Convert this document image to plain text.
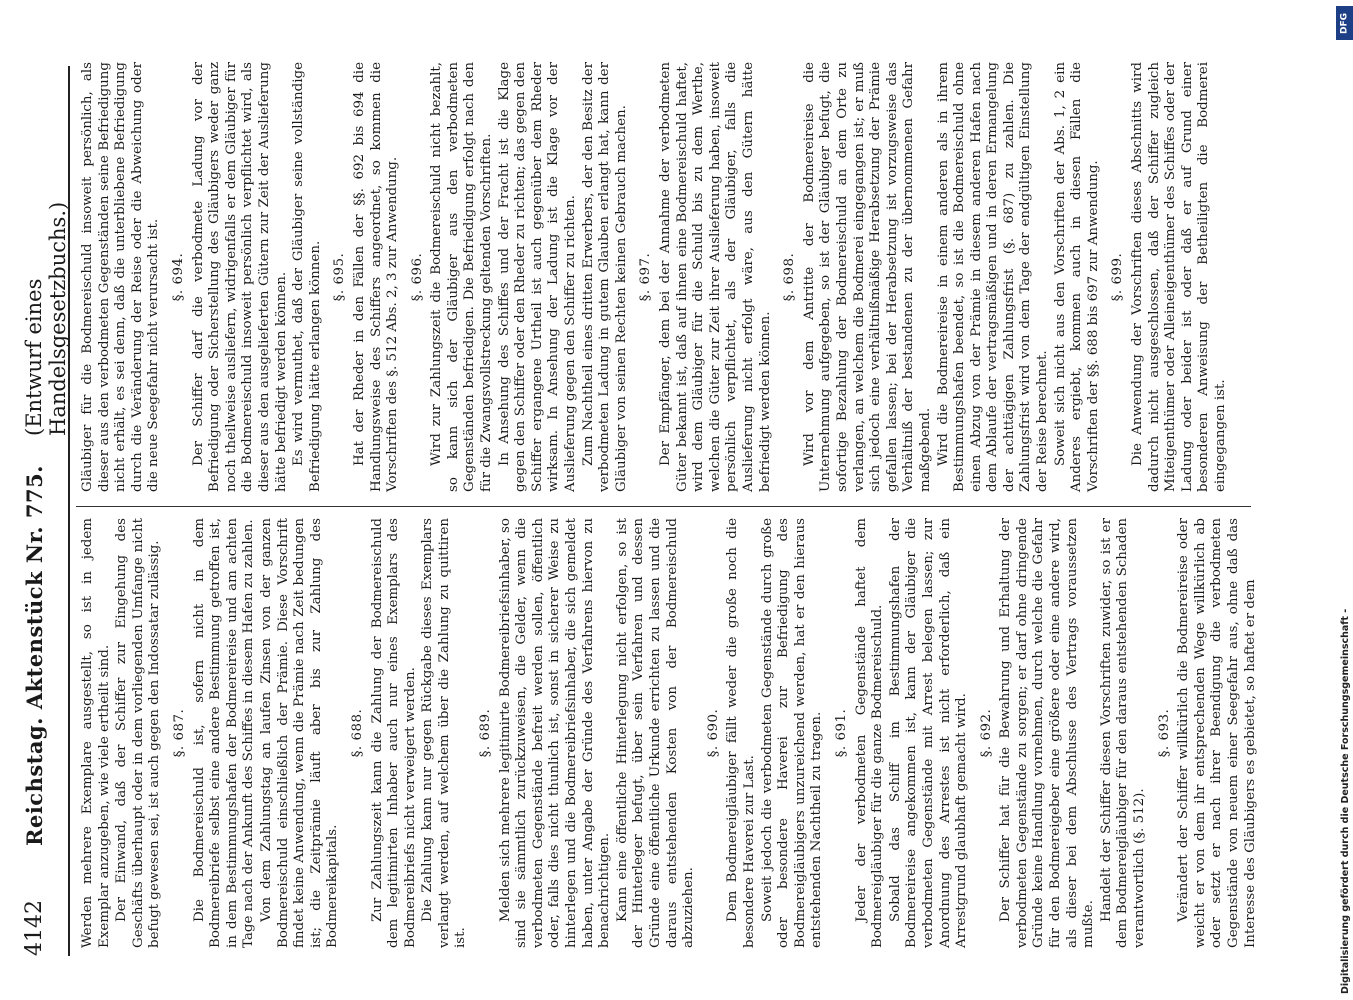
4142
Reichstag. Aktenstück Nr. 775.
(Entwurf eines Handelsgesetzbuchs.)
Werden mehrere Exemplare ausgestellt, so ist in jedem Exemplar anzugeben, wie viele ertheilt sind. Der Einwand, daß der Schiffer zur Eingehung des Geschäfts überhaupt oder in dem vorliegenden Umfange nicht befugt gewesen sei, ist auch gegen den Indossatar zulässig. §. 687. Die Bodmereischuld ist, sofern nicht in dem Bodmereibriefe selbst eine andere Bestimmung getroffen ist, in dem Bestimmungshafen der Bodmereireise und am achten Tage nach der Ankunft des Schiffes in diesem Hafen zu zahlen. Von dem Zahlungstag an laufen Zinsen von der ganzen Bodmereischuld einschließlich der Prämie. Diese Vorschrift findet keine Anwendung, wenn die Prämie nach Zeit bedungen ist; die Zeitprämie läuft aber bis zur Zahlung des Bodmereikapitals.
§. 688. Zur Zahlungszeit kann die Zahlung der Bodmereischuld dem legitimirten Inhaber auch nur eines Exemplars des Bodmereibriefs nicht verweigert werden. Die Zahlung kann nur gegen Rückgabe dieses Exemplars verlangt werden, auf welchem über die Zahlung zu quittiren ist.
§. 689. Melden sich mehrere legitimirte Bodmereibriefsinhaber, so sind sie sämmtlich zurückzuweisen, die Gelder, wenn die verbodmeten Gegenstände befreit werden sollen, öffentlich oder, falls dies nicht thunlich ist, sonst in sicherer Weise zu hinterlegen und die Bodmereibriefsinhaber, die sich gemeldet haben, unter Angabe der Gründe des Verfahrens hiervon zu benachrichtigen. Kann eine öffentliche Hinterlegung nicht erfolgen, so ist der Hinterleger befugt, über sein Verfahren und dessen Gründe eine öffentliche Urkunde errichten zu lassen und die daraus entstehenden Kosten von der Bodmereischuld abzuziehen.
§. 690. Dem Bodmereigläubiger fällt weder die große noch die besondere Haverei zur Last. Soweit jedoch die verbodmeten Gegenstände durch große oder besondere Haverei zur Befriedigung des Bodmereigläubigers unzureichend werden, hat er den hieraus entstehenden Nachtheil zu tragen. §. 691. Jeder der verbodmeten Gegenstände haftet dem Bodmereigläubiger für die ganze Bodmereischuld. Sobald das Schiff im Bestimmungshafen der Bodmereireise angekommen ist, kann der Gläubiger die verbodmeten Gegenstände mit Arrest belegen lassen; zur Anordnung des Arrestes ist nicht erforderlich, daß ein Arrestgrund glaubhaft gemacht wird. §. 692. Der Schiffer hat für die Bewahrung und Erhaltung der verbodmeten Gegenstände zu sorgen; er darf ohne dringende Gründe keine Handlung vornehmen, durch welche die Gefahr für den Bodmereigeber eine größere oder eine andere wird, als dieser bei dem Abschlusse des Vertrags voraussetzen mußte.
Handelt der Schiffer diesen Vorschriften zuwider, so ist er dem Bodmereigläubiger für den daraus entstehenden Schaden verantwortlich (§. 512).
§. 693. Verändert der Schiffer willkürlich die Bodmereireise oder weicht er von dem ihr entsprechenden Wege willkürlich ab oder setzt er nach ihrer Beendigung die verbodmeten Gegenstände von neuem einer Seegefahr aus, ohne daß das Interesse des Gläubigers es gebietet, so haftet er dem
Gläubiger für die Bodmereischuld insoweit persönlich, als dieser aus den verbodmeten Gegenständen seine Befriedigung nicht erhält, es sei denn, daß die unterbliebene Befriedigung durch die Veränderung der Reise oder die Abweichung oder die neue Seegefahr nicht verursacht ist. §. 694. Der Schiffer darf die verbodmete Ladung vor der Befriedigung oder Sicherstellung des Gläubigers weder ganz noch theilweise ausliefern, widrigenfalls er dem Gläubiger für die Bodmereischuld insoweit persönlich verpflichtet wird, als dieser aus den ausgelieferten Gütern zur Zeit der Auslieferung hätte befriedigt werden können. Es wird vermuthet, daß der Gläubiger seine vollständige Befriedigung hätte erlangen können. §. 695. Hat der Rheder in den Fällen der §§. 692 bis 694 die Handlungsweise des Schiffers angeordnet, so kommen die Vorschriften des §. 512 Abs. 2, 3 zur Anwendung. §. 696. Wird zur Zahlungszeit die Bodmereischuld nicht bezahlt, so kann sich der Gläubiger aus den verbodmeten Gegenständen befriedigen. Die Befriedigung erfolgt nach den für die Zwangsvollstreckung geltenden Vorschriften. In Ansehung des Schiffes und der Fracht ist die Klage gegen den Schiffer oder den Rheder zu richten; das gegen den Schiffer ergangene Urtheil ist auch gegenüber dem Rheder wirksam. In Ansehung der Ladung ist die Klage vor der Auslieferung gegen den Schiffer zu richten. Zum Nachtheil eines dritten Erwerbers, der den Besitz der verbodmeten Ladung in gutem Glauben erlangt hat, kann der Gläubiger von seinen Rechten keinen Gebrauch machen. §. 697. Der Empfänger, dem bei der Annahme der verbodmeten Güter bekannt ist, daß auf ihnen eine Bodmereischuld haftet, wird dem Gläubiger für die Schuld bis zu dem Werthe, welchen die Güter zur Zeit ihrer Auslieferung haben, insoweit persönlich verpflichtet, als der Gläubiger, falls die Auslieferung nicht erfolgt wäre, aus den Gütern hätte befriedigt werden können.
§. 698. Wird vor dem Antritte der Bodmereireise die Unternehmung aufgegeben, so ist der Gläubiger befugt, die sofortige Bezahlung der Bodmereischuld an dem Orte zu verlangen, an welchem die Bodmerei eingegangen ist; er muß sich jedoch eine verhältnißmäßige Herabsetzung der Prämie gefallen lassen; bei der Herabsetzung ist vorzugsweise das Verhältniß der bestandenen zu der übernommenen Gefahr maßgebend. Wird die Bodmereireise in einem anderen als in ihrem Bestimmungshafen beendet, so ist die Bodmereischuld ohne einen Abzug von der Prämie in diesem anderen Hafen nach dem Ablaufe der vertragsmäßigen und in deren Ermangelung der achttägigen Zahlungsfrist (§. 687) zu zahlen. Die Zahlungsfrist wird von dem Tage der endgültigen Einstellung der Reise berechnet. Soweit sich nicht aus den Vorschriften der Abs. 1, 2 ein Anderes ergiebt, kommen auch in diesen Fällen die Vorschriften der §§. 688 bis 697 zur Anwendung. §. 699. Die Anwendung der Vorschriften dieses Abschnitts wird dadurch nicht ausgeschlossen, daß der Schiffer zugleich Miteigenthümer oder Alleineigenthümer des Schiffes oder der Ladung oder beider ist oder daß er auf Grund einer besonderen Anweisung der Betheiligten die Bodmerei eingegangen ist.
DFG
Digitalisierung gefördert durch die Deutsche Forschungsgemeinschaft -
